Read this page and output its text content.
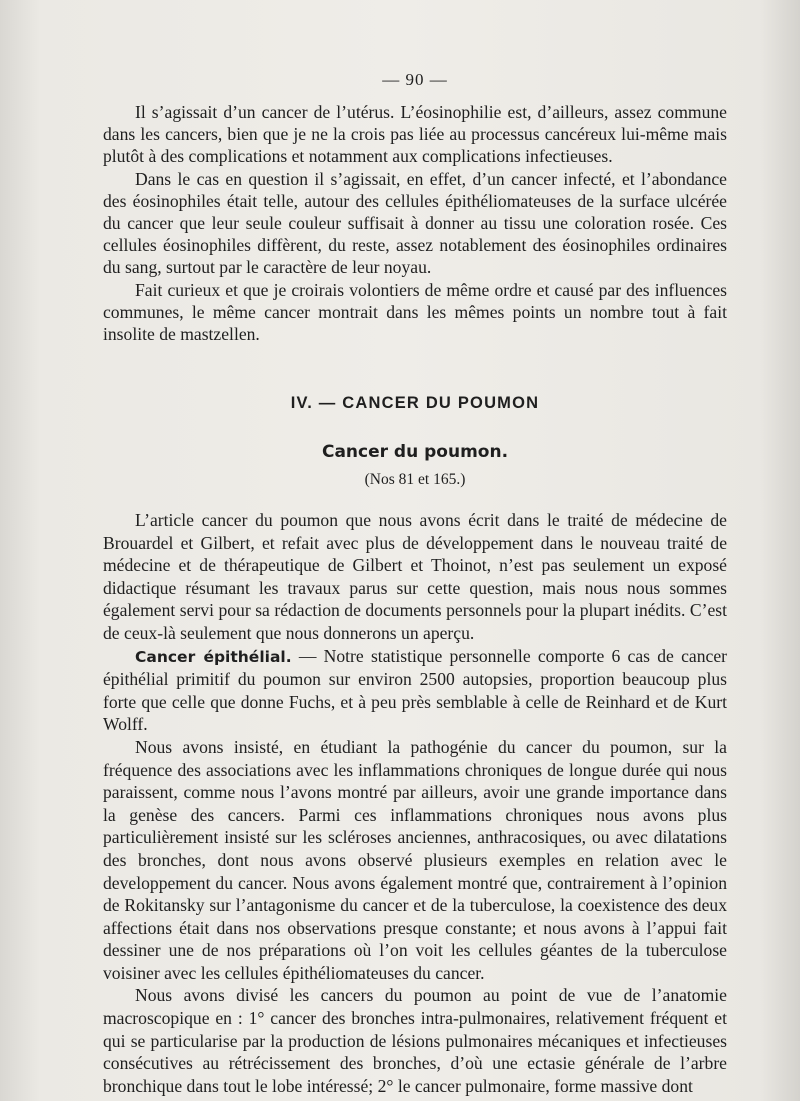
— 90 —

Il s’agissait d’un cancer de l’utérus. L’éosinophilie est, d’ailleurs, assez commune dans les cancers, bien que je ne la crois pas liée au processus cancéreux lui-même mais plutôt à des complications et notamment aux complications infectieuses.

Dans le cas en question il s’agissait, en effet, d’un cancer infecté, et l’abondance des éosinophiles était telle, autour des cellules épithéliomateuses de la surface ulcérée du cancer que leur seule couleur suffisait à donner au tissu une coloration rosée. Ces cellules éosinophiles diffèrent, du reste, assez notablement des éosinophiles ordinaires du sang, surtout par le caractère de leur noyau.

Fait curieux et que je croirais volontiers de même ordre et causé par des influences communes, le même cancer montrait dans les mêmes points un nombre tout à fait insolite de mastzellen.

IV. — CANCER DU POUMON
Cancer du poumon.
(Nos 81 et 165.)

L’article cancer du poumon que nous avons écrit dans le traité de médecine de Brouardel et Gilbert, et refait avec plus de développement dans le nouveau traité de médecine et de thérapeutique de Gilbert et Thoinot, n’est pas seulement un exposé didactique résumant les travaux parus sur cette question, mais nous nous sommes également servi pour sa rédaction de documents personnels pour la plupart inédits. C’est de ceux-là seulement que nous donnerons un aperçu.

Cancer épithélial. — Notre statistique personnelle comporte 6 cas de cancer épithélial primitif du poumon sur environ 2500 autopsies, proportion beaucoup plus forte que celle que donne Fuchs, et à peu près semblable à celle de Reinhard et de Kurt Wolff.

Nous avons insisté, en étudiant la pathogénie du cancer du poumon, sur la fréquence des associations avec les inflammations chroniques de longue durée qui nous paraissent, comme nous l’avons montré par ailleurs, avoir une grande importance dans la genèse des cancers. Parmi ces inflammations chroniques nous avons plus particulièrement insisté sur les scléroses anciennes, anthracosiques, ou avec dilatations des bronches, dont nous avons observé plusieurs exemples en relation avec le developpement du cancer. Nous avons également montré que, contrairement à l’opinion de Rokitansky sur l’antagonisme du cancer et de la tuberculose, la coexistence des deux affections était dans nos observations presque constante; et nous avons à l’appui fait dessiner une de nos préparations où l’on voit les cellules géantes de la tuberculose voisiner avec les cellules épithéliomateuses du cancer.

Nous avons divisé les cancers du poumon au point de vue de l’anatomie macroscopique en : 1° cancer des bronches intra-pulmonaires, relativement fréquent et qui se particularise par la production de lésions pulmonaires mécaniques et infectieuses consécutives au rétrécissement des bronches, d’où une ectasie générale de l’arbre bronchique dans tout le lobe intéressé; 2° le cancer pulmonaire, forme massive dont
